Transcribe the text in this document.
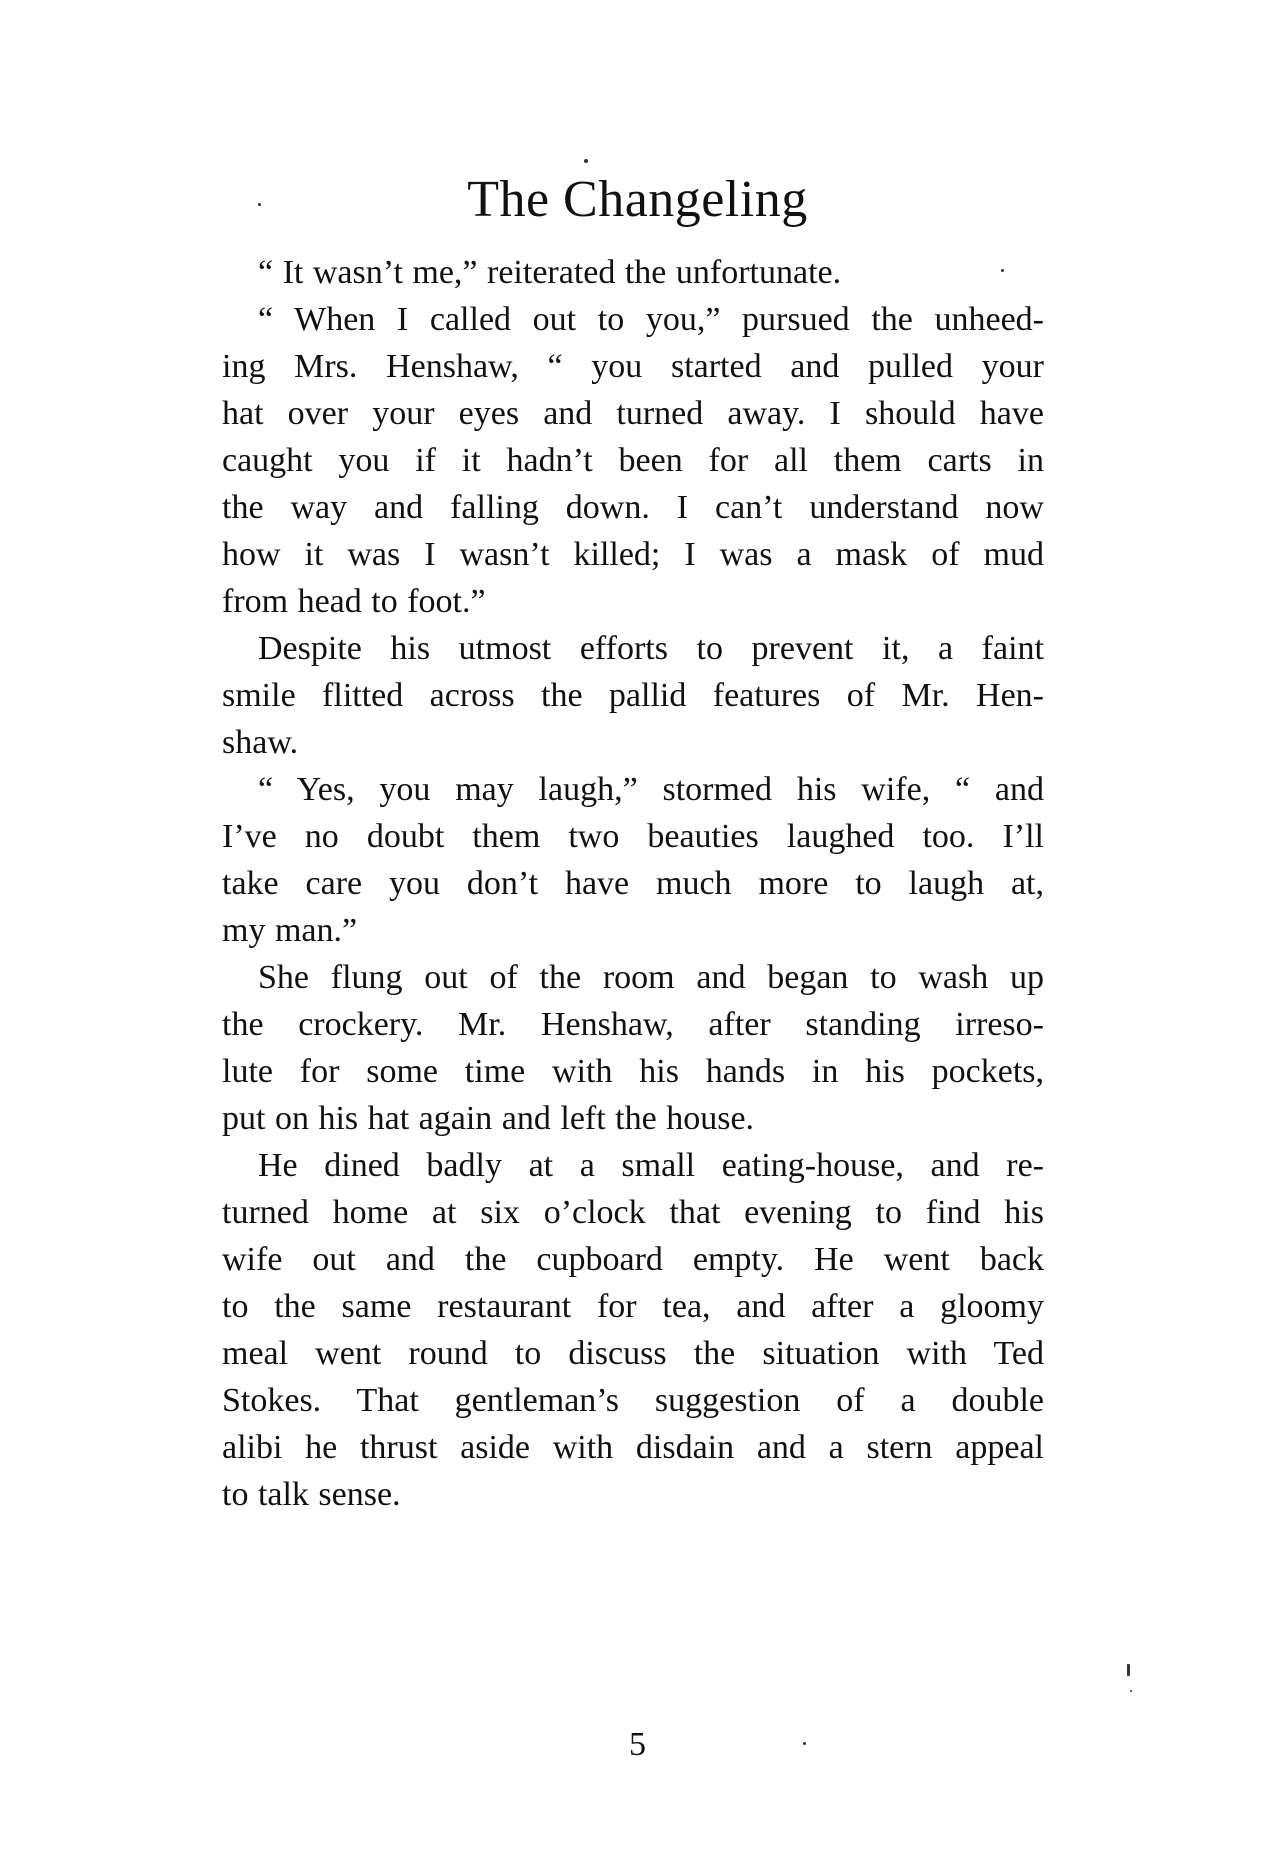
The Changeling
“ It wasn’t me,” reiterated the unfortunate.
“ When I called out to you,” pursued the unheed-
ing Mrs. Henshaw, “ you started and pulled your
hat over your eyes and turned away. I should have
caught you if it hadn’t been for all them carts in
the way and falling down. I can’t understand now
how it was I wasn’t killed; I was a mask of mud
from head to foot.”
Despite his utmost efforts to prevent it, a faint
smile flitted across the pallid features of Mr. Hen-
shaw.
“ Yes, you may laugh,” stormed his wife, “ and
I’ve no doubt them two beauties laughed too. I’ll
take care you don’t have much more to laugh at,
my man.”
She flung out of the room and began to wash up
the crockery. Mr. Henshaw, after standing irreso-
lute for some time with his hands in his pockets,
put on his hat again and left the house.
He dined badly at a small eating-house, and re-
turned home at six o’clock that evening to find his
wife out and the cupboard empty. He went back
to the same restaurant for tea, and after a gloomy
meal went round to discuss the situation with Ted
Stokes. That gentleman’s suggestion of a double
alibi he thrust aside with disdain and a stern appeal
to talk sense.
5
